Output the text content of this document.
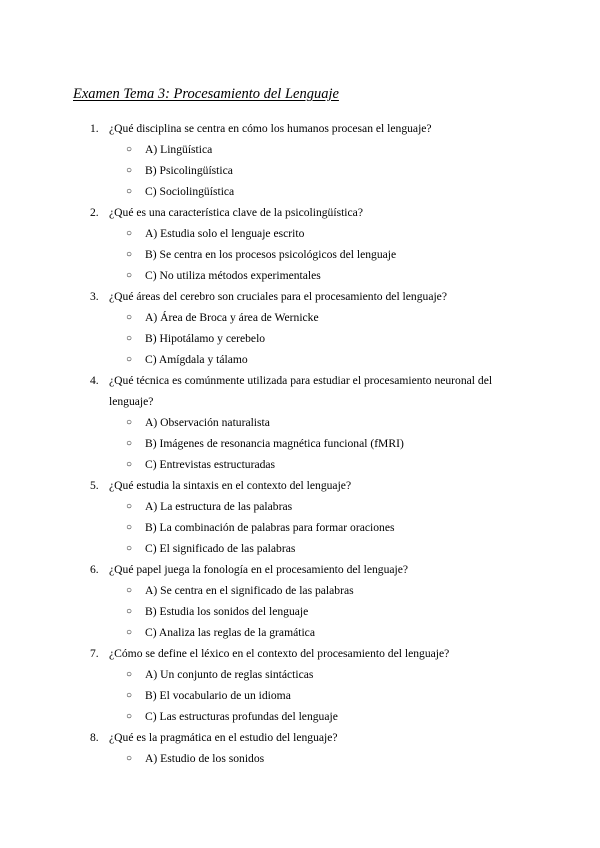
Examen Tema 3: Procesamiento del Lenguaje
1. ¿Qué disciplina se centra en cómo los humanos procesan el lenguaje?
○ A) Lingüística
○ B) Psicolingüística
○ C) Sociolingüística
2. ¿Qué es una característica clave de la psicolingüística?
○ A) Estudia solo el lenguaje escrito
○ B) Se centra en los procesos psicológicos del lenguaje
○ C) No utiliza métodos experimentales
3. ¿Qué áreas del cerebro son cruciales para el procesamiento del lenguaje?
○ A) Área de Broca y área de Wernicke
○ B) Hipotálamo y cerebelo
○ C) Amígdala y tálamo
4. ¿Qué técnica es comúnmente utilizada para estudiar el procesamiento neuronal del lenguaje?
○ A) Observación naturalista
○ B) Imágenes de resonancia magnética funcional (fMRI)
○ C) Entrevistas estructuradas
5. ¿Qué estudia la sintaxis en el contexto del lenguaje?
○ A) La estructura de las palabras
○ B) La combinación de palabras para formar oraciones
○ C) El significado de las palabras
6. ¿Qué papel juega la fonología en el procesamiento del lenguaje?
○ A) Se centra en el significado de las palabras
○ B) Estudia los sonidos del lenguaje
○ C) Analiza las reglas de la gramática
7. ¿Cómo se define el léxico en el contexto del procesamiento del lenguaje?
○ A) Un conjunto de reglas sintácticas
○ B) El vocabulario de un idioma
○ C) Las estructuras profundas del lenguaje
8. ¿Qué es la pragmática en el estudio del lenguaje?
○ A) Estudio de los sonidos
